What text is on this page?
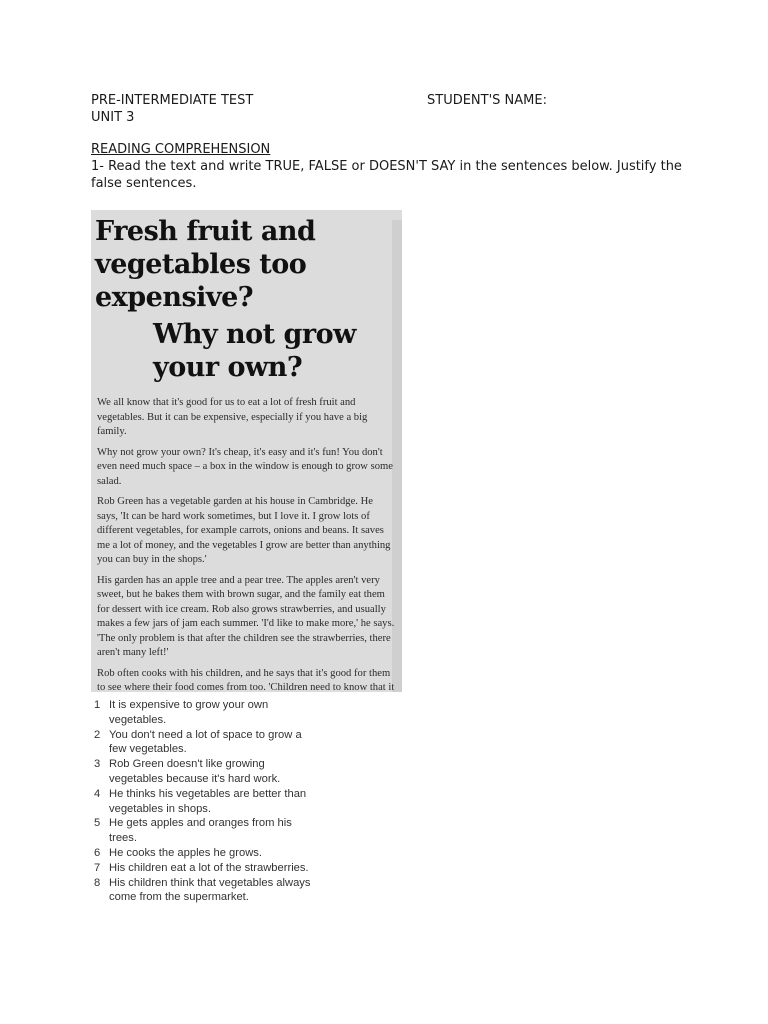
PRE-INTERMEDIATE TEST
UNIT 3
STUDENT'S NAME:
READING COMPREHENSION
1- Read the text and write TRUE, FALSE or DOESN'T SAY in the sentences below. Justify the false sentences.
Fresh fruit and vegetables too expensive?
Why not grow your own?

We all know that it's good for us to eat a lot of fresh fruit and vegetables. But it can be expensive, especially if you have a big family.

Why not grow your own? It's cheap, it's easy and it's fun! You don't even need much space – a box in the window is enough to grow some salad.

Rob Green has a vegetable garden at his house in Cambridge. He says, 'It can be hard work sometimes, but I love it. I grow lots of different vegetables, for example carrots, onions and beans. It saves me a lot of money, and the vegetables I grow are better than anything you can buy in the shops.'

His garden has an apple tree and a pear tree. The apples aren't very sweet, but he bakes them with brown sugar, and the family eat them for dessert with ice cream. Rob also grows strawberries, and usually makes a few jars of jam each summer. 'I'd like to make more,' he says. 'The only problem is that after the children see the strawberries, there aren't many left!'

Rob often cooks with his children, and he says that it's good for them to see where their food comes from too. 'Children need to know that it

1 It is expensive to grow your own vegetables.
2 You don't need a lot of space to grow a few vegetables.
3 Rob Green doesn't like growing vegetables because it's hard work.
4 He thinks his vegetables are better than vegetables in shops.
5 He gets apples and oranges from his trees.
6 He cooks the apples he grows.
7 His children eat a lot of the strawberries.
8 His children think that vegetables always come from the supermarket.
